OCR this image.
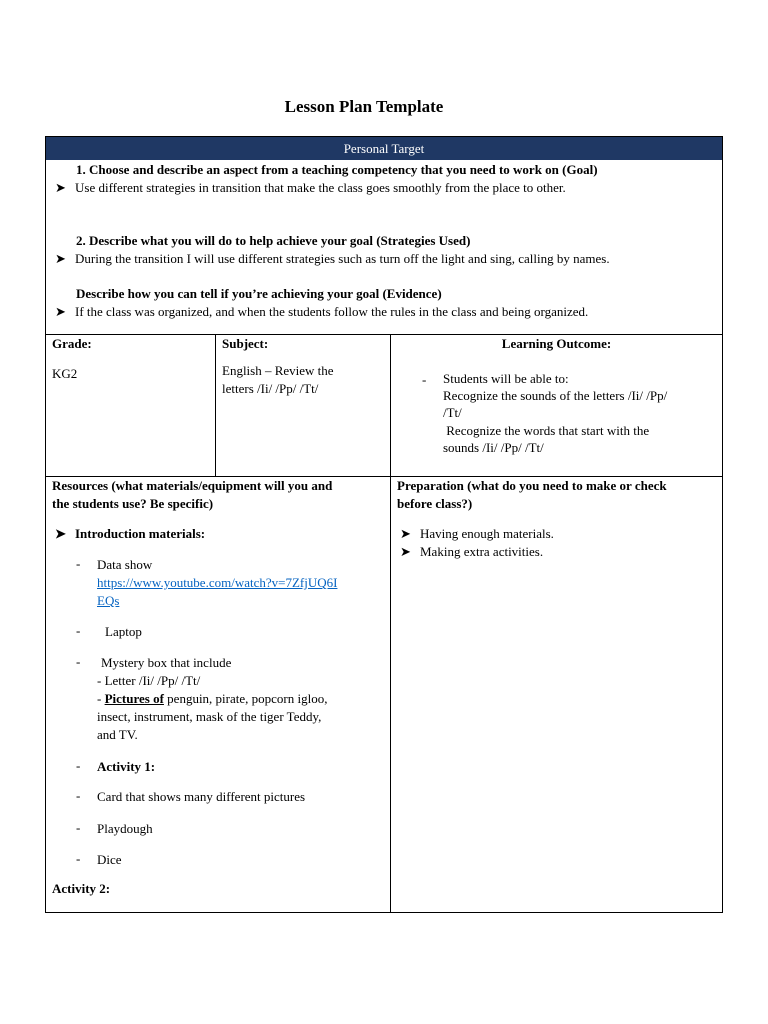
Lesson Plan Template
Personal Target
1. Choose and describe an aspect from a teaching competency that you need to work on (Goal)
➤ Use different strategies in transition that make the class goes smoothly from the place to other.
2. Describe what you will do to help achieve your goal (Strategies Used)
➤ During the transition I will use different strategies such as turn off the light and sing, calling by names.
Describe how you can tell if you’re achieving your goal (Evidence)
➤ If the class was organized, and when the students follow the rules in the class and being organized.
Grade:
KG2
Subject:
English – Review the
letters /Ii/ /Pp/ /Tt/
Learning Outcome:
- Students will be able to:
Recognize the sounds of the letters /Ii/ /Pp/
/Tt/
Recognize the words that start with the
sounds /Ii/ /Pp/ /Tt/
Resources (what materials/equipment will you and
the students use? Be specific)
➤ Introduction materials:
- Data show
https://www.youtube.com/watch?v=7ZfjUQ6I
EQs
- Laptop
- Mystery box that include
- Letter /Ii/ /Pp/ /Tt/
- Pictures of penguin, pirate, popcorn igloo,
insect, instrument, mask of the tiger Teddy,
and TV.
- Activity 1:
- Card that shows many different pictures
- Playdough
- Dice
Activity 2:
Preparation (what do you need to make or check
before class?)
➤ Having enough materials.
➤ Making extra activities.
